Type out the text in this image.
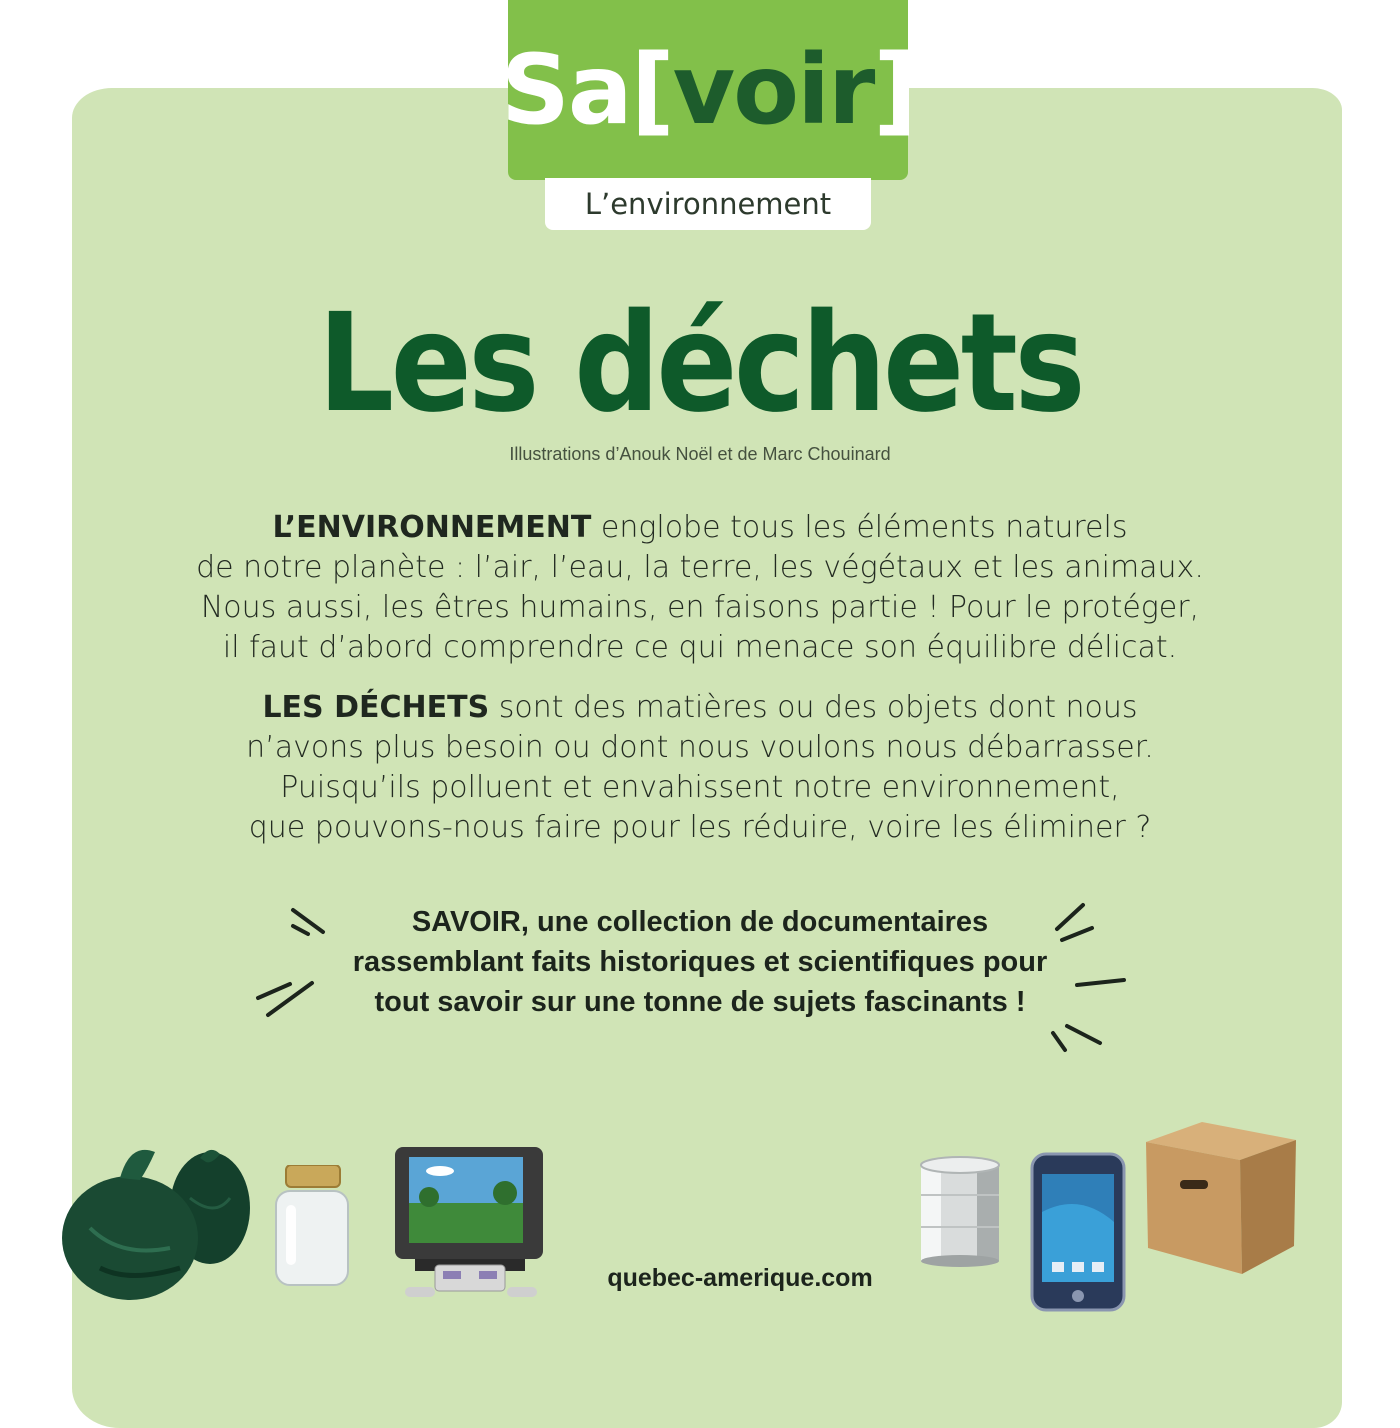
Sa[voir]
L’environnement
Les déchets
Illustrations d’Anouk Noël et de Marc Chouinard
L’ENVIRONNEMENT englobe tous les éléments naturels
de notre planète : l’air, l’eau, la terre, les végétaux et les animaux.
Nous aussi, les êtres humains, en faisons partie ! Pour le protéger,
il faut d’abord comprendre ce qui menace son équilibre délicat.
LES DÉCHETS sont des matières ou des objets dont nous
n’avons plus besoin ou dont nous voulons nous débarrasser.
Puisqu’ils polluent et envahissent notre environnement,
que pouvons-nous faire pour les réduire, voire les éliminer ?
SAVOIR, une collection de documentaires
rassemblant faits historiques et scientifiques pour
tout savoir sur une tonne de sujets fascinants !
quebec-amerique.com
